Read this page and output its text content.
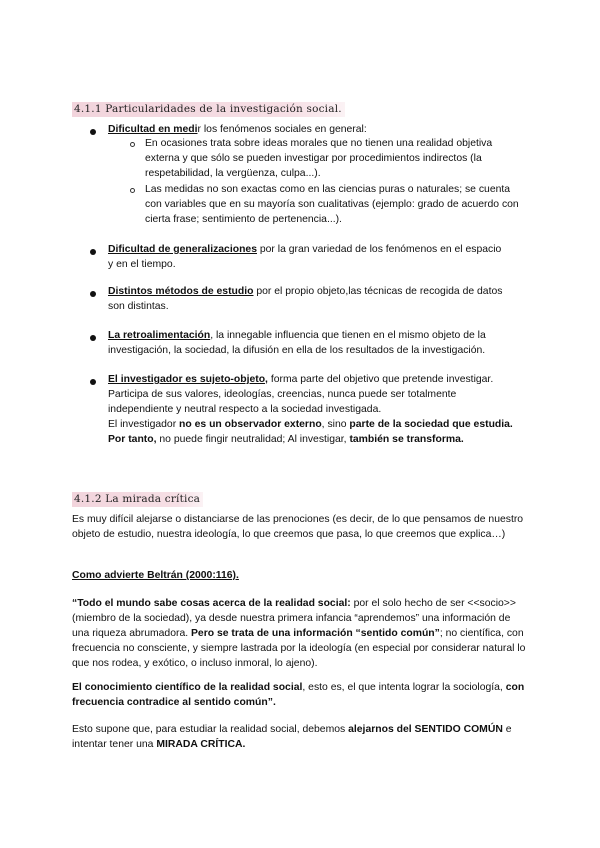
4.1.1 Particularidades de la investigación social.
Dificultad en medir los fenómenos sociales en general:
En ocasiones trata sobre ideas morales que no tienen una realidad objetiva externa y que sólo se pueden investigar por procedimientos indirectos (la respetabilidad, la vergüenza, culpa...).
Las medidas no son exactas como en las ciencias puras o naturales; se cuenta con variables que en su mayoría son cualitativas (ejemplo: grado de acuerdo con cierta frase; sentimiento de pertenencia...).
Dificultad de generalizaciones por la gran variedad de los fenómenos en el espacio y en el tiempo.
Distintos métodos de estudio por el propio objeto,las técnicas de recogida de datos son distintas.
La retroalimentación, la innegable influencia que tienen en el mismo objeto de la investigación, la sociedad, la difusión en ella de los resultados de la investigación.

El investigador es sujeto-objeto, forma parte del objetivo que pretende investigar. Participa de sus valores, ideologías, creencias, nunca puede ser totalmente independiente y neutral respecto a la sociedad investigada.

El investigador no es un observador externo, sino parte de la sociedad que estudia. Por tanto, no puede fingir neutralidad; Al investigar, también se transforma.

4.1.2 La mirada crítica
Es muy difícil alejarse o distanciarse de las prenociones (es decir, de lo que pensamos de nuestro objeto de estudio, nuestra ideología, lo que creemos que pasa, lo que creemos que explica…)
Como advierte Beltrán (2000:116).
“Todo el mundo sabe cosas acerca de la realidad social: por el solo hecho de ser <<socio>> (miembro de la sociedad), ya desde nuestra primera infancia “aprendemos” una información de una riqueza abrumadora. Pero se trata de una información “sentido común”; no científica, con frecuencia no consciente, y siempre lastrada por la ideología (en especial por considerar natural lo que nos rodea, y exótico, o incluso inmoral, lo ajeno).
El conocimiento científico de la realidad social, esto es, el que intenta lograr la sociología, con frecuencia contradice al sentido común”.
Esto supone que, para estudiar la realidad social, debemos alejarnos del SENTIDO COMÚN e intentar tener una MIRADA CRÍTICA.
